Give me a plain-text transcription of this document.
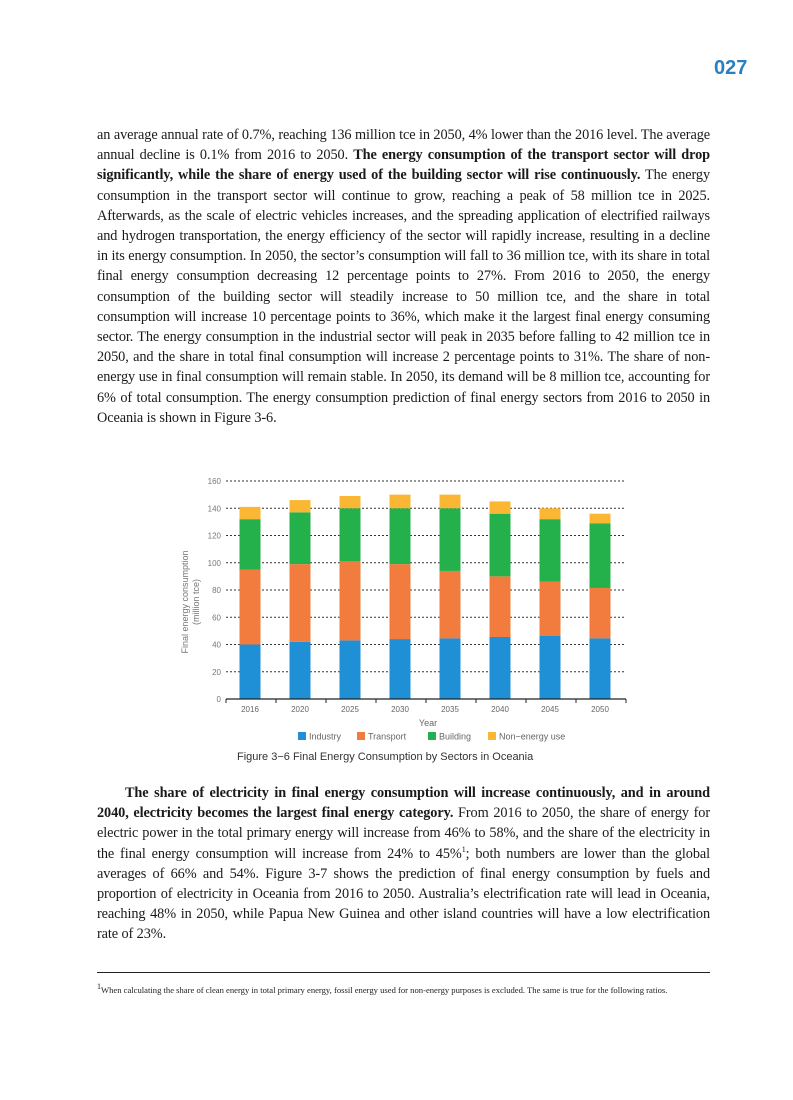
027

an average annual rate of 0.7%, reaching 136 million tce in 2050, 4% lower than the 2016 level. The average annual decline is 0.1% from 2016 to 2050. The energy consumption of the transport sector will drop significantly, while the share of energy used of the building sector will rise continuously. The energy consumption in the transport sector will continue to grow, reaching a peak of 58 million tce in 2025. Afterwards, as the scale of electric vehicles increases, and the spreading application of electrified railways and hydrogen transportation, the energy efficiency of the sector will rapidly increase, resulting in a decline in its energy consumption. In 2050, the sector’s consumption will fall to 36 million tce, with its share in total final energy consumption decreasing 12 percentage points to 27%. From 2016 to 2050, the energy consumption of the building sector will steadily increase to 50 million tce, and the share in total consumption will increase 10 percentage points to 36%, which make it the largest final energy consuming sector. The energy consumption in the industrial sector will peak in 2035 before falling to 42 million tce in 2050, and the share in total final consumption will increase 2 percentage points to 31%. The share of non-energy use in final consumption will remain stable. In 2050, its demand will be 8 million tce, accounting for 6% of total consumption. The energy consumption prediction of final energy sectors from 2016 to 2050 in Oceania is shown in Figure 3-6.

0
20
40
60
80
100
120
140
160
2016	2020	2025	2030	2035	2040	2045	2050
Final energy consumption (million tce)
Year
Industry	Transport	Building	Non−energy use
Figure 3−6 Final Energy Consumption by Sectors in Oceania

The share of electricity in final energy consumption will increase continuously, and in around 2040, electricity becomes the largest final energy category. From 2016 to 2050, the share of energy for electric power in the total primary energy will increase from 46% to 58%, and the share of the electricity in the final energy consumption will increase from 24% to 45%$^1$; both numbers are lower than the global averages of 66% and 54%. Figure 3-7 shows the prediction of final energy consumption by fuels and proportion of electricity in Oceania from 2016 to 2050. Australia’s electrification rate will lead in Oceania, reaching 48% in 2050, while Papua New Guinea and other island countries will have a low electrification rate of 23%.

$^1$When calculating the share of clean energy in total primary energy, fossil energy used for non-energy purposes is excluded. The same is true for the following ratios.
